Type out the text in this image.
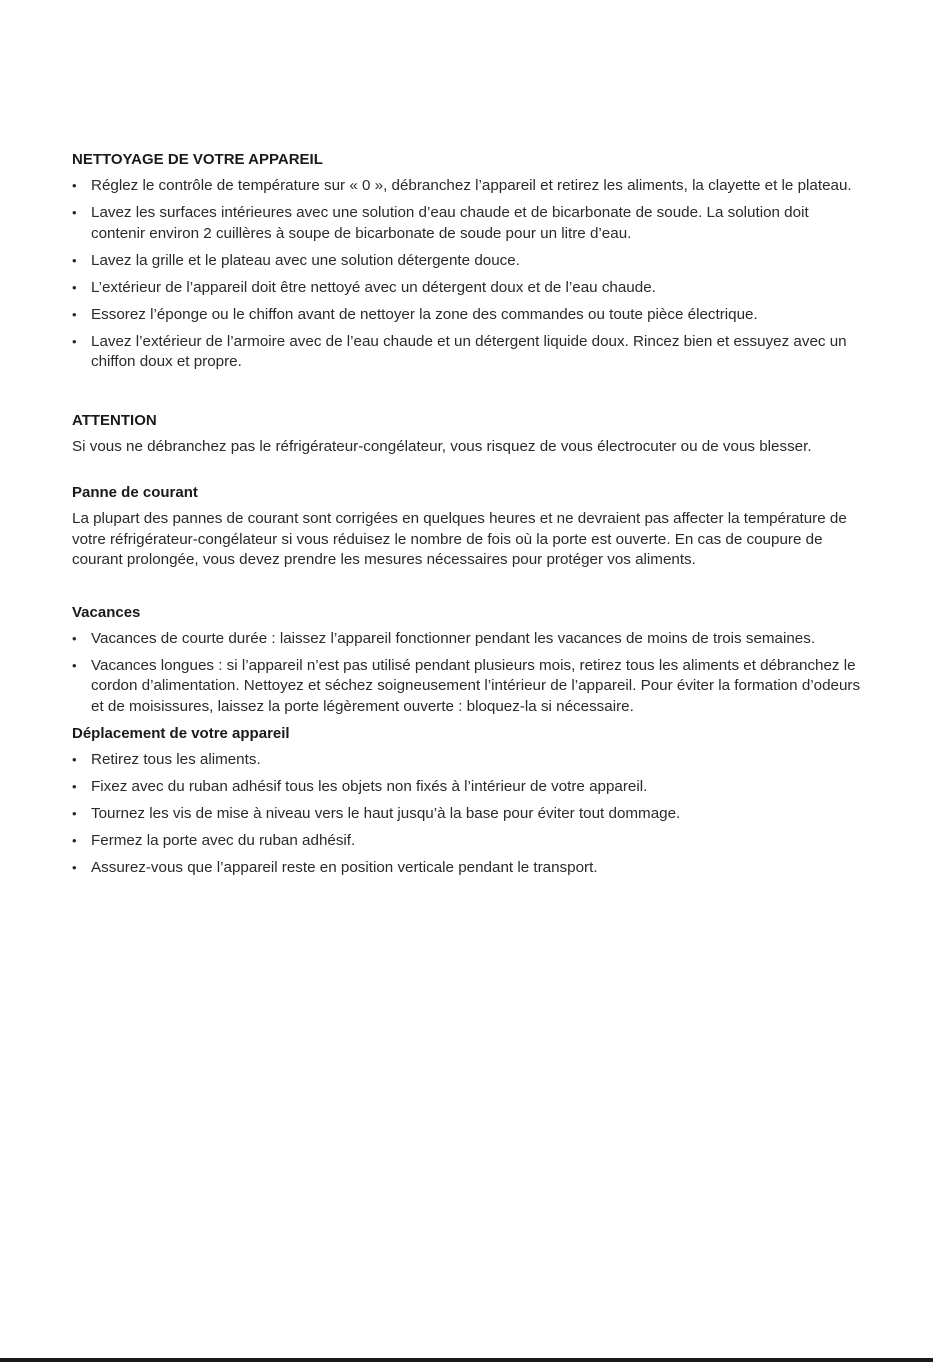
NETTOYAGE DE VOTRE APPAREIL
• Réglez le contrôle de température sur « 0 », débranchez l’appareil et retirez les aliments, la clayette et le plateau.
• Lavez les surfaces intérieures avec une solution d’eau chaude et de bicarbonate de soude. La solution doit contenir environ 2 cuillères à soupe de bicarbonate de soude pour un litre d’eau.
• Lavez la grille et le plateau avec une solution détergente douce.
• L’extérieur de l’appareil doit être nettoyé avec un détergent doux et de l’eau chaude.
• Essorez l’éponge ou le chiffon avant de nettoyer la zone des commandes ou toute pièce électrique.
• Lavez l’extérieur de l’armoire avec de l’eau chaude et un détergent liquide doux. Rincez bien et essuyez avec un chiffon doux et propre.
ATTENTION

Si vous ne débranchez pas le réfrigérateur-congélateur, vous risquez de vous électrocuter ou de vous blesser.

Panne de courant

La plupart des pannes de courant sont corrigées en quelques heures et ne devraient pas affecter la température de votre réfrigérateur-congélateur si vous réduisez le nombre de fois où la porte est ouverte. En cas de coupure de courant prolongée, vous devez prendre les mesures nécessaires pour protéger vos aliments.

Vacances
• Vacances de courte durée : laissez l’appareil fonctionner pendant les vacances de moins de trois semaines.
• Vacances longues : si l’appareil n’est pas utilisé pendant plusieurs mois, retirez tous les aliments et débranchez le cordon d’alimentation. Nettoyez et séchez soigneusement l’intérieur de l’appareil. Pour éviter la formation d’odeurs et de moisissures, laissez la porte légèrement ouverte : bloquez-la si nécessaire.
Déplacement de votre appareil
• Retirez tous les aliments.
• Fixez avec du ruban adhésif tous les objets non fixés à l’intérieur de votre appareil.
• Tournez les vis de mise à niveau vers le haut jusqu’à la base pour éviter tout dommage.
• Fermez la porte avec du ruban adhésif.
• Assurez-vous que l’appareil reste en position verticale pendant le transport.
